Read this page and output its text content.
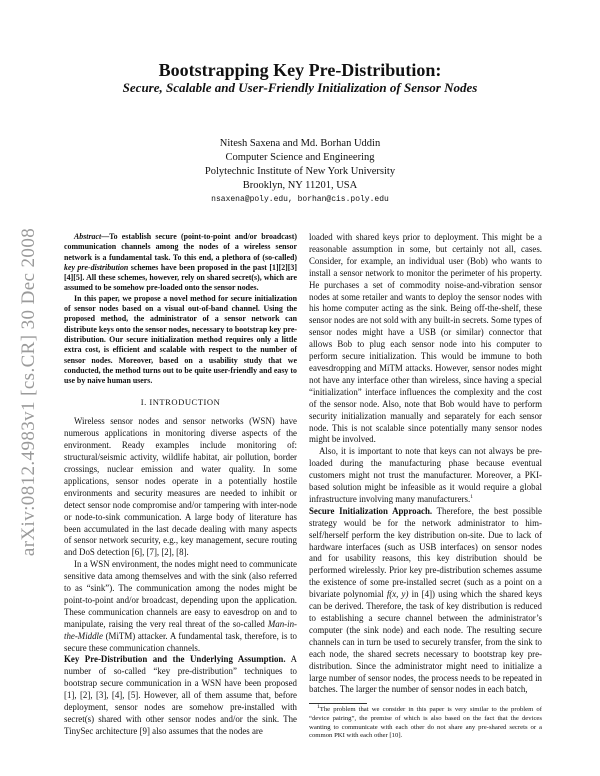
Bootstrapping Key Pre-Distribution:
Secure, Scalable and User-Friendly Initialization of Sensor Nodes
Nitesh Saxena and Md. Borhan Uddin
Computer Science and Engineering
Polytechnic Institute of New York University
Brooklyn, NY 11201, USA
nsaxena@poly.edu, borhan@cis.poly.edu
arXiv:0812.4983v1 [cs.CR] 30 Dec 2008	Abstract—To establish secure (point-to-point and/or broadcast) communication channels among the nodes of a wireless sensor network is a fundamental task. To this end, a plethora of (so-called) key pre-distribution schemes have been proposed in the past [1][2][3][4][5]. All these schemes, however, rely on shared secret(s), which are assumed to be somehow pre-loaded onto the sensor nodes.

In this paper, we propose a novel method for secure initialization of sensor nodes based on a visual out-of-band channel. Using the proposed method, the administrator of a sensor network can distribute keys onto the sensor nodes, necessary to bootstrap key pre-distribution. Our secure initialization method requires only a little extra cost, is efficient and scalable with respect to the number of sensor nodes. Moreover, based on a usability study that we conducted, the method turns out to be quite user-friendly and easy to use by naive human users.

I. INTRODUCTION

Wireless sensor nodes and sensor networks (WSN) have numerous applications in monitoring diverse aspects of the environment. Ready examples include monitoring of: structural/seismic activity, wildlife habitat, air pollution, border crossings, nuclear emission and water quality. In some applications, sensor nodes operate in a potentially hostile environments and security measures are needed to inhibit or detect sensor node compromise and/or tampering with inter-node or node-to-sink communication. A large body of literature has been accumulated in the last decade dealing with many aspects of sensor network security, e.g., key management, secure routing and DoS detection [6], [7], [2], [8].

In a WSN environment, the nodes might need to communicate sensitive data among themselves and with the sink (also referred to as “sink”). The communication among the nodes might be point-to-point and/or broadcast, depending upon the application. These communication channels are easy to eavesdrop on and to manipulate, raising the very real threat of the so-called Man-in-the-Middle (MiTM) attacker. A fundamental task, therefore, is to secure these communication channels.

Key Pre-Distribution and the Underlying Assumption. A number of so-called “key pre-distribution” techniques to bootstrap secure communication in a WSN have been proposed [1], [2], [3], [4], [5]. However, all of them assume that, before deployment, sensor nodes are somehow pre-installed with secret(s) shared with other sensor nodes and/or the sink. The TinySec architecture [9] also assumes that the nodes are

loaded with shared keys prior to deployment. This might be a reasonable assumption in some, but certainly not all, cases. Consider, for example, an individual user (Bob) who wants to install a sensor network to monitor the perimeter of his property. He purchases a set of commodity noise-and-vibration sensor nodes at some retailer and wants to deploy the sensor nodes with his home computer acting as the sink. Being off-the-shelf, these sensor nodes are not sold with any built-in secrets. Some types of sensor nodes might have a USB (or similar) connector that allows Bob to plug each sensor node into his computer to perform secure initialization. This would be immune to both eavesdropping and MiTM attacks. However, sensor nodes might not have any interface other than wireless, since having a special “initialization” interface influences the complexity and the cost of the sensor node. Also, note that Bob would have to perform security initialization manually and separately for each sensor node. This is not scalable since potentially many sensor nodes might be involved.

Also, it is important to note that keys can not always be pre-loaded during the manufacturing phase because eventual customers might not trust the manufacturer. Moreover, a PKI-based solution might be infeasible as it would require a global infrastructure involving many manufacturers.$^1$

Secure Initialization Approach. Therefore, the best possible strategy would be for the network administrator to him-self/herself perform the key distribution on-site. Due to lack of hardware interfaces (such as USB interfaces) on sensor nodes and for usability reasons, this key distribution should be performed wirelessly. Prior key pre-distribution schemes assume the existence of some pre-installed secret (such as a point on a bivariate polynomial f(x, y) in [4]) using which the shared keys can be derived. Therefore, the task of key distribution is reduced to establishing a secure channel between the administrator’s computer (the sink node) and each node. The resulting secure channels can in turn be used to securely transfer, from the sink to each node, the shared secrets necessary to bootstrap key pre-distribution. Since the administrator might need to initialize a large number of sensor nodes, the process needs to be repeated in batches. The larger the number of sensor nodes in each batch,

$^1$The problem that we consider in this paper is very similar to the problem of “device pairing”, the premise of which is also based on the fact that the devices wanting to communicate with each other do not share any pre-shared secrets or a common PKI with each other [10].
